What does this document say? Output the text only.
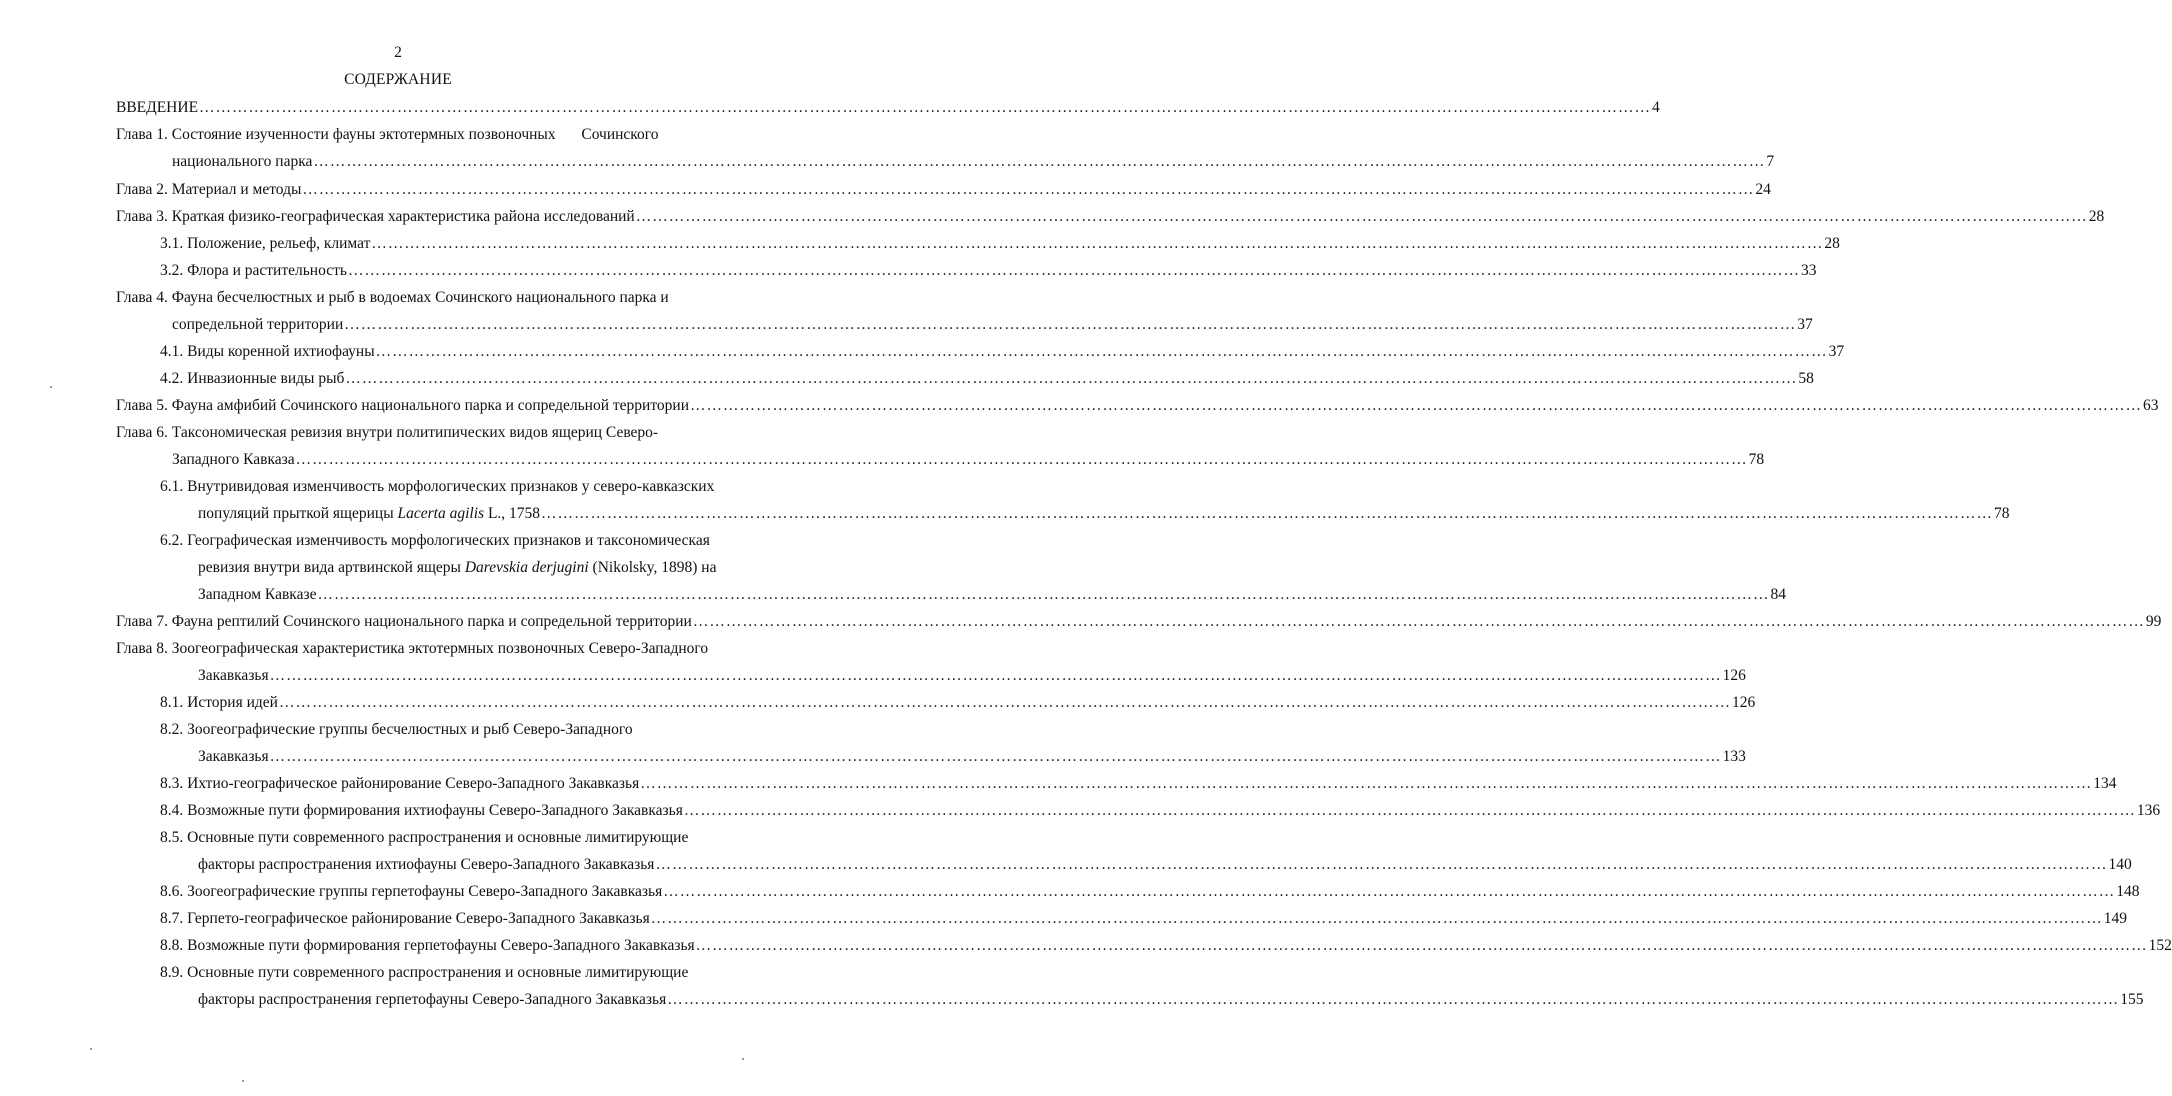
2
СОДЕРЖАНИЕ
ВВЕДЕНИЕ ………………………………………………………………………………………………………………………………………………………………………………………………………………………………………… 4
Глава 1. Состояние изученности фауны эктотермных позвоночных Сочинского
национального парка ………………………………………………………………………………………………………………………………………………………………………………………………………………………………………… 7
Глава 2. Материал и методы ………………………………………………………………………………………………………………………………………………………………………………………………………………………………………… 24
Глава 3. Краткая физико-географическая характеристика района исследований ………………………………………………………………………………………………………………………………………………………………………………………………………………………………………… 28
3.1. Положение, рельеф, климат ………………………………………………………………………………………………………………………………………………………………………………………………………………………………………… 28
3.2. Флора и растительность ………………………………………………………………………………………………………………………………………………………………………………………………………………………………………… 33
Глава 4. Фауна бесчелюстных и рыб в водоемах Сочинского национального парка и
сопредельной территории ………………………………………………………………………………………………………………………………………………………………………………………………………………………………………… 37
4.1. Виды коренной ихтиофауны ………………………………………………………………………………………………………………………………………………………………………………………………………………………………………… 37
4.2. Инвазионные виды рыб ………………………………………………………………………………………………………………………………………………………………………………………………………………………………………… 58
Глава 5. Фауна амфибий Сочинского национального парка и сопредельной территории ………………………………………………………………………………………………………………………………………………………………………………………………………………………………………… 63
Глава 6. Таксономическая ревизия внутри политипических видов ящериц Северо-
Западного Кавказа ………………………………………………………………………………………………………………………………………………………………………………………………………………………………………… 78
6.1. Внутривидовая изменчивость морфологических признаков у северо-кавказских
популяций прыткой ящерицы Lacerta agilis L., 1758 ………………………………………………………………………………………………………………………………………………………………………………………………………………………………………… 78
6.2. Географическая изменчивость морфологических признаков и таксономическая
ревизия внутри вида артвинской ящеры Darevskia derjugini (Nikolsky, 1898) на
Западном Кавказе ………………………………………………………………………………………………………………………………………………………………………………………………………………………………………… 84
Глава 7. Фауна рептилий Сочинского национального парка и сопредельной территории ………………………………………………………………………………………………………………………………………………………………………………………………………………………………………… 99
Глава 8. Зоогеографическая характеристика эктотермных позвоночных Северо-Западного
Закавказья ………………………………………………………………………………………………………………………………………………………………………………………………………………………………………… 126
8.1. История идей ………………………………………………………………………………………………………………………………………………………………………………………………………………………………………… 126
8.2. Зоогеографические группы бесчелюстных и рыб Северо-Западного
Закавказья ………………………………………………………………………………………………………………………………………………………………………………………………………………………………………… 133
8.3. Ихтио-географическое районирование Северо-Западного Закавказья ………………………………………………………………………………………………………………………………………………………………………………………………………………………………………… 134
8.4. Возможные пути формирования ихтиофауны Северо-Западного Закавказья ………………………………………………………………………………………………………………………………………………………………………………………………………………………………………… 136
8.5. Основные пути современного распространения и основные лимитирующие
факторы распространения ихтиофауны Северо-Западного Закавказья ………………………………………………………………………………………………………………………………………………………………………………………………………………………………………… 140
8.6. Зоогеографические группы герпетофауны Северо-Западного Закавказья ………………………………………………………………………………………………………………………………………………………………………………………………………………………………………… 148
8.7. Герпето-географическое районирование Северо-Западного Закавказья ………………………………………………………………………………………………………………………………………………………………………………………………………………………………………… 149
8.8. Возможные пути формирования герпетофауны Северо-Западного Закавказья ………………………………………………………………………………………………………………………………………………………………………………………………………………………………………… 152
8.9. Основные пути современного распространения и основные лимитирующие
факторы распространения герпетофауны Северо-Западного Закавказья ………………………………………………………………………………………………………………………………………………………………………………………………………………………………………… 155
